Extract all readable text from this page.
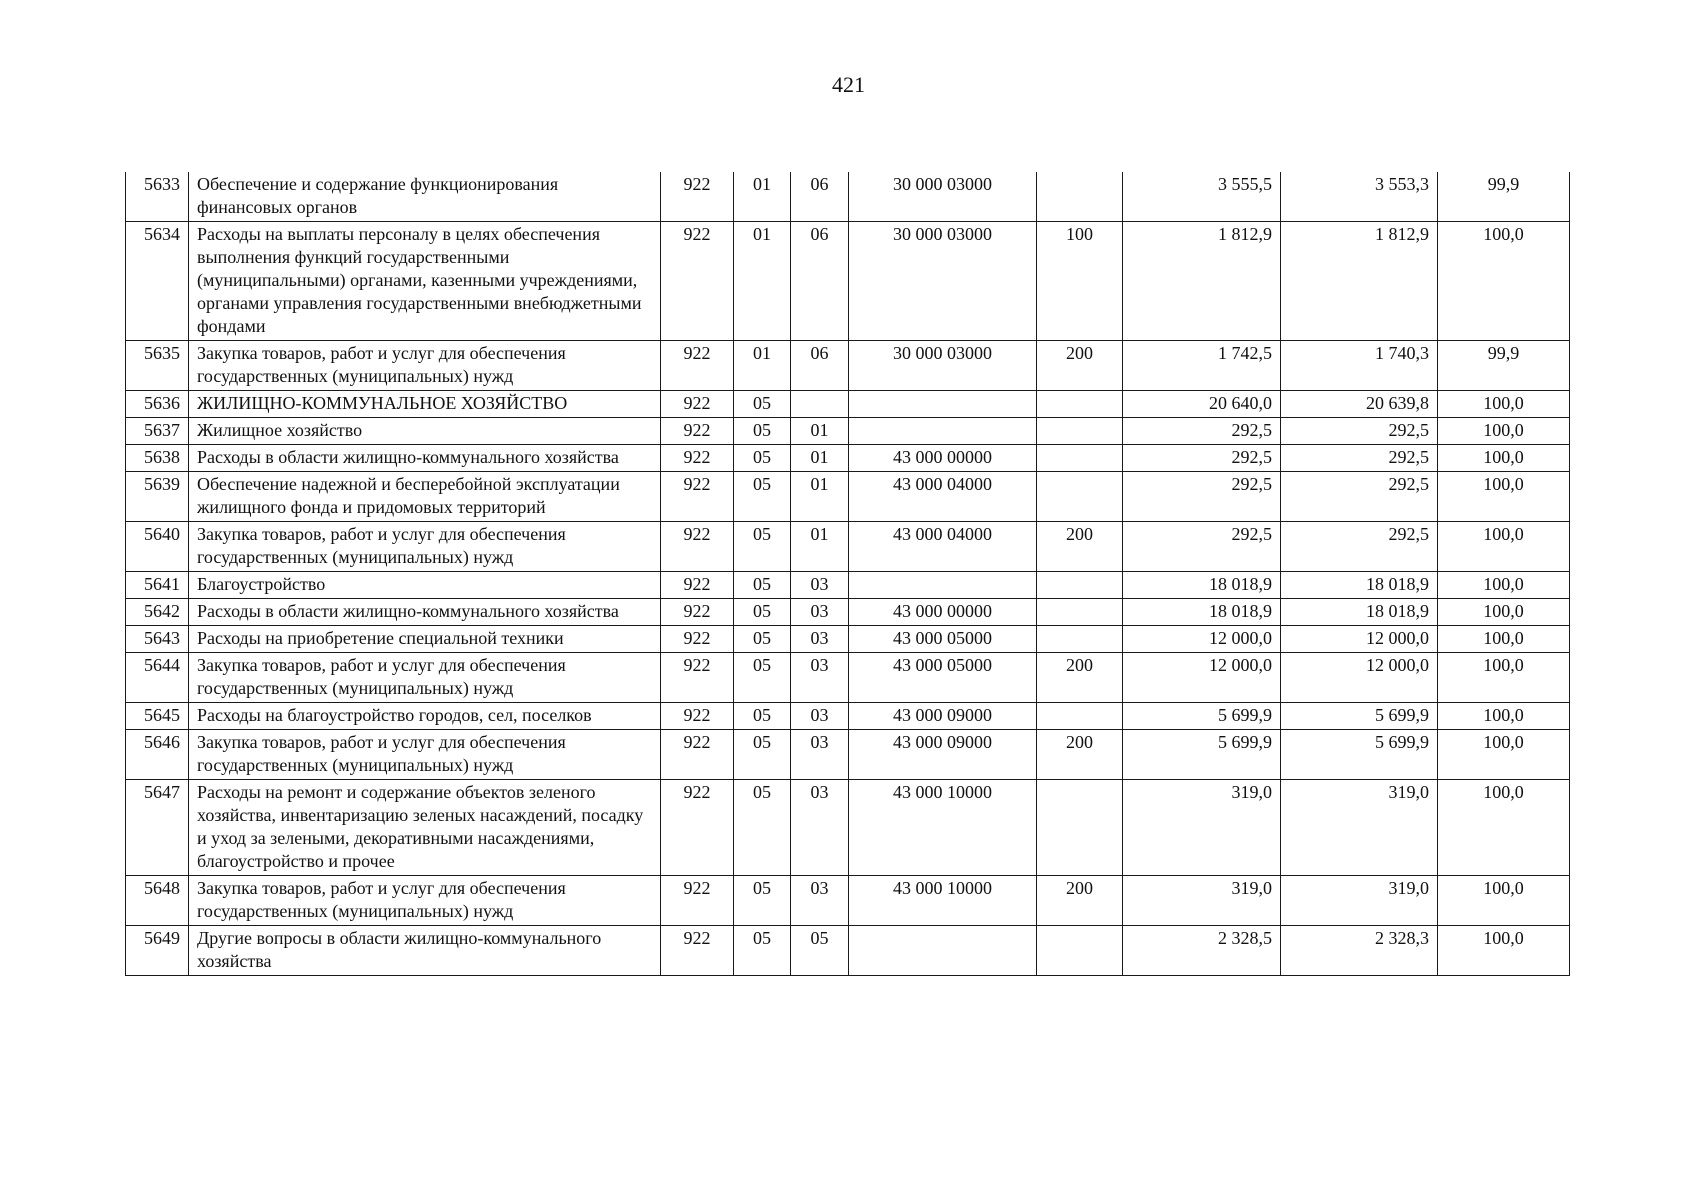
421
5633	Обеспечение и содержание функционирования финансовых органов	922	01	06	30 000 03000		3 555,5	3 553,3	99,9
5634	Расходы на выплаты персоналу в целях обеспечения выполнения функций государственными (муниципальными) органами, казенными учреждениями, органами управления государственными внебюджетными фондами	922	01	06	30 000 03000	100	1 812,9	1 812,9	100,0
5635	Закупка товаров, работ и услуг для обеспечения государственных (муниципальных) нужд	922	01	06	30 000 03000	200	1 742,5	1 740,3	99,9
5636	ЖИЛИЩНО-КОММУНАЛЬНОЕ ХОЗЯЙСТВО	922	05				20 640,0	20 639,8	100,0
5637	Жилищное хозяйство	922	05	01			292,5	292,5	100,0
5638	Расходы в области жилищно-коммунального хозяйства	922	05	01	43 000 00000		292,5	292,5	100,0
5639	Обеспечение надежной и бесперебойной эксплуатации жилищного фонда и придомовых территорий	922	05	01	43 000 04000		292,5	292,5	100,0
5640	Закупка товаров, работ и услуг для обеспечения государственных (муниципальных) нужд	922	05	01	43 000 04000	200	292,5	292,5	100,0
5641	Благоустройство	922	05	03			18 018,9	18 018,9	100,0
5642	Расходы в области жилищно-коммунального хозяйства	922	05	03	43 000 00000		18 018,9	18 018,9	100,0
5643	Расходы на приобретение специальной техники	922	05	03	43 000 05000		12 000,0	12 000,0	100,0
5644	Закупка товаров, работ и услуг для обеспечения государственных (муниципальных) нужд	922	05	03	43 000 05000	200	12 000,0	12 000,0	100,0
5645	Расходы на благоустройство городов, сел, поселков	922	05	03	43 000 09000		5 699,9	5 699,9	100,0
5646	Закупка товаров, работ и услуг для обеспечения государственных (муниципальных) нужд	922	05	03	43 000 09000	200	5 699,9	5 699,9	100,0
5647	Расходы на ремонт и содержание объектов зеленого хозяйства, инвентаризацию зеленых насаждений, посадку и уход за зелеными, декоративными насаждениями, благоустройство и прочее	922	05	03	43 000 10000		319,0	319,0	100,0
5648	Закупка товаров, работ и услуг для обеспечения государственных (муниципальных) нужд	922	05	03	43 000 10000	200	319,0	319,0	100,0
5649	Другие вопросы в области жилищно-коммунального хозяйства	922	05	05			2 328,5	2 328,3	100,0
